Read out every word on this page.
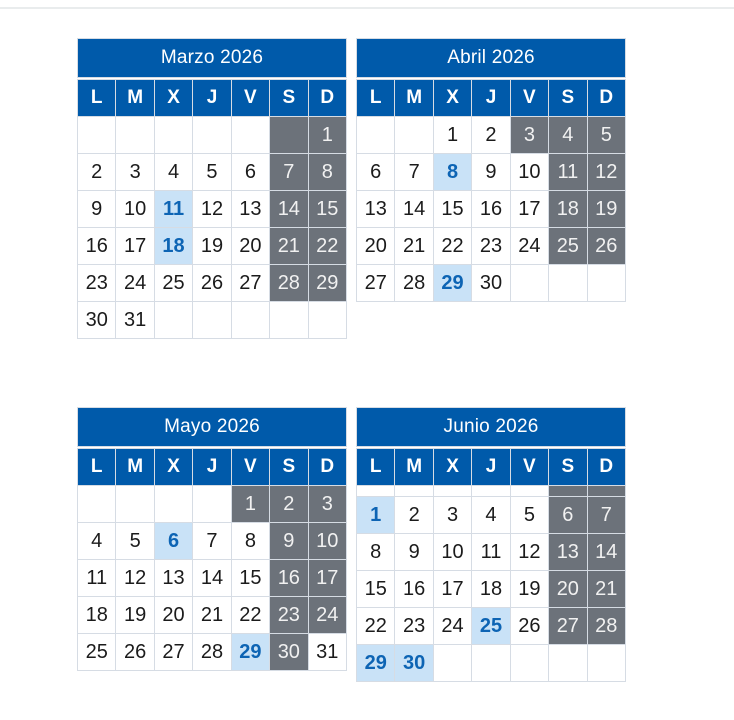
Marzo 2026
L	M	X	J	V	S	D
						1
2	3	4	5	6	7	8
9	10	11	12	13	14	15
16	17	18	19	20	21	22
23	24	25	26	27	28	29
30	31					
Abril 2026
L	M	X	J	V	S	D
		1	2	3	4	5
6	7	8	9	10	11	12
13	14	15	16	17	18	19
20	21	22	23	24	25	26
27	28	29	30			
Mayo 2026
L	M	X	J	V	S	D
				1	2	3
4	5	6	7	8	9	10
11	12	13	14	15	16	17
18	19	20	21	22	23	24
25	26	27	28	29	30	31
Junio 2026
L	M	X	J	V	S	D

1	2	3	4	5	6	7
8	9	10	11	12	13	14
15	16	17	18	19	20	21
22	23	24	25	26	27	28
29	30					
